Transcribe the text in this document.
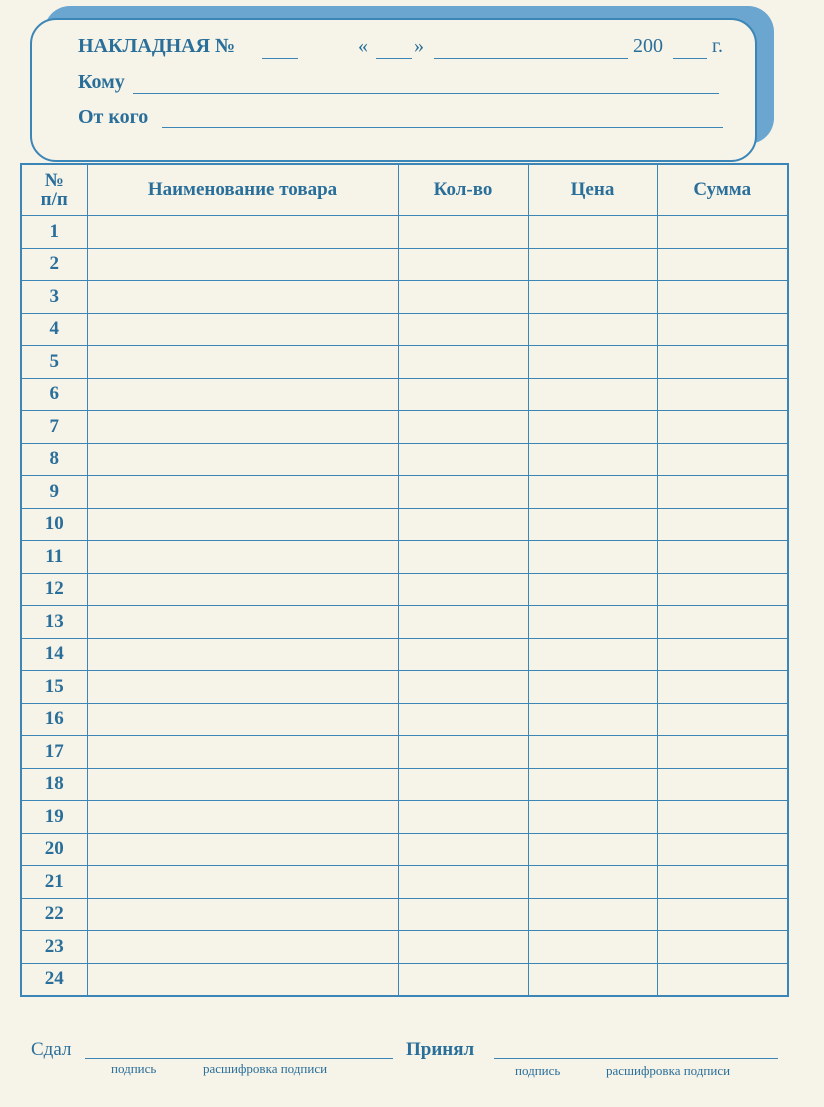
НАКЛАДНАЯ №	« »	200 г.
Кому
От кого
№
п/п	Наименование товара	Кол-во	Цена	Сумма
1				
2				
3				
4				
5				
6				
7				
8				
9				
10				
11				
12				
13				
14				
15				
16				
17				
18				
19				
20				
21				
22				
23				
24				
Сдал
подпись	расшифровка подписи
Принял
подпись	расшифровка подписи
